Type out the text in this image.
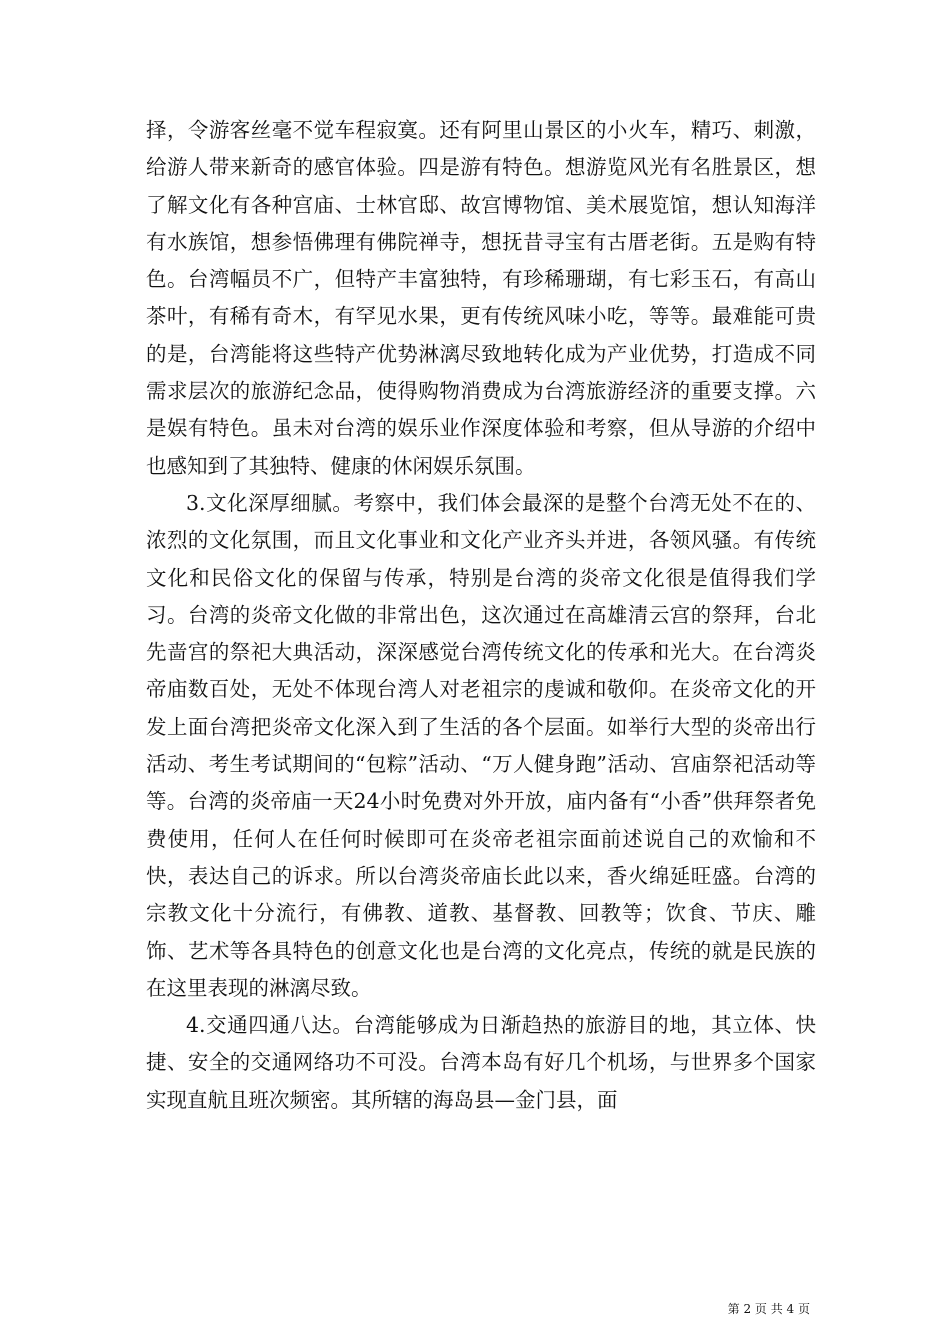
择，令游客丝毫不觉车程寂寞。还有阿里山景区的小火车，精巧、刺激，给游人带来新奇的感官体验。四是游有特色。想游览风光有名胜景区，想了解文化有各种宫庙、士林官邸、故宫博物馆、美术展览馆，想认知海洋有水族馆，想参悟佛理有佛院禅寺，想抚昔寻宝有古厝老街。五是购有特色。台湾幅员不广，但特产丰富独特，有珍稀珊瑚，有七彩玉石，有高山茶叶，有稀有奇木，有罕见水果，更有传统风味小吃，等等。最难能可贵的是，台湾能将这些特产优势淋漓尽致地转化成为产业优势，打造成不同需求层次的旅游纪念品，使得购物消费成为台湾旅游经济的重要支撑。六是娱有特色。虽未对台湾的娱乐业作深度体验和考察，但从导游的介绍中也感知到了其独特、健康的休闲娱乐氛围。

3.文化深厚细腻。考察中，我们体会最深的是整个台湾无处不在的、浓烈的文化氛围，而且文化事业和文化产业齐头并进，各领风骚。有传统文化和民俗文化的保留与传承，特别是台湾的炎帝文化很是值得我们学习。台湾的炎帝文化做的非常出色，这次通过在高雄清云宫的祭拜，台北先啬宫的祭祀大典活动，深深感觉台湾传统文化的传承和光大。在台湾炎帝庙数百处，无处不体现台湾人对老祖宗的虔诚和敬仰。在炎帝文化的开发上面台湾把炎帝文化深入到了生活的各个层面。如举行大型的炎帝出行活动、考生考试期间的“包粽”活动、“万人健身跑”活动、宫庙祭祀活动等等。台湾的炎帝庙一天24小时免费对外开放，庙内备有“小香”供拜祭者免费使用，任何人在任何时候即可在炎帝老祖宗面前述说自己的欢愉和不快，表达自己的诉求。所以台湾炎帝庙长此以来，香火绵延旺盛。台湾的宗教文化十分流行，有佛教、道教、基督教、回教等；饮食、节庆、雕饰、艺术等各具特色的创意文化也是台湾的文化亮点，传统的就是民族的在这里表现的淋漓尽致。

4.交通四通八达。台湾能够成为日渐趋热的旅游目的地，其立体、快捷、安全的交通网络功不可没。台湾本岛有好几个机场，与世界多个国家实现直航且班次频密。其所辖的海岛县—金门县，面

第 2 页 共 4 页
